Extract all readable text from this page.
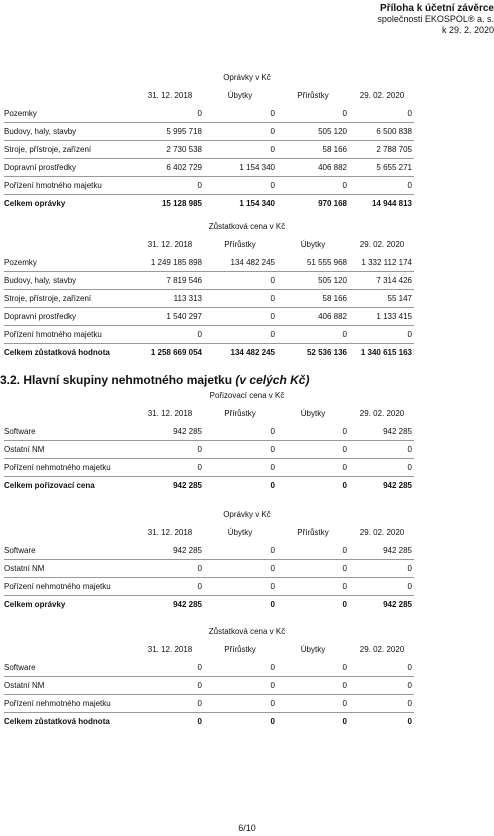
Příloha k účetní závěrce
společnosti EKOSPOL® a. s.
k 29. 2. 2020
Oprávky v Kč
31. 12. 2018	Úbytky	Přírůstky	29. 02. 2020
Pozemky	0	0	0	0
Budovy, haly, stavby	5 995 718	0	505 120	6 500 838
Stroje, přístroje, zařízení	2 730 538	0	58 166	2 788 705
Dopravní prostředky	6 402 729	1 154 340	406 882	5 655 271
Pořízení hmotného majetku	0	0	0	0
Celkem oprávky	15 128 985	1 154 340	970 168	14 944 813
Zůstatková cena v Kč
31. 12. 2018	Přírůstky	Úbytky	29. 02. 2020
Pozemky	1 249 185 898	134 482 245	51 555 968	1 332 112 174
Budovy, haly, stavby	7 819 546	0	505 120	7 314 426
Stroje, přístroje, zařízení	113 313	0	58 166	55 147
Dopravní prostředky	1 540 297	0	406 882	1 133 415
Pořízení hmotného majetku	0	0	0	0
Celkem zůstatková hodnota	1 258 669 054	134 482 245	52 536 136	1 340 615 163
Pořizovací cena v Kč
31. 12. 2018	Přírůstky	Úbytky	29. 02. 2020
Software	942 285	0	0	942 285
Ostatní NM	0	0	0	0
Pořízení nehmotného majetku	0	0	0	0
Celkem pořizovací cena	942 285	0	0	942 285
Oprávky v Kč
31. 12. 2018	Úbytky	Přírůstky	29. 02. 2020
Software	942 285	0	0	942 285
Ostatní NM	0	0	0	0
Pořízení nehmotného majetku	0	0	0	0
Celkem oprávky	942 285	0	0	942 285
Zůstatková cena v Kč
31. 12. 2018	Přírůstky	Úbytky	29. 02. 2020
Software	0	0	0	0
Ostatní NM	0	0	0	0
Pořízení nehmotného majetku	0	0	0	0
Celkem zůstatková hodnota	0	0	0	0
3.2. Hlavní skupiny nehmotného majetku (v celých Kč)
6/10
